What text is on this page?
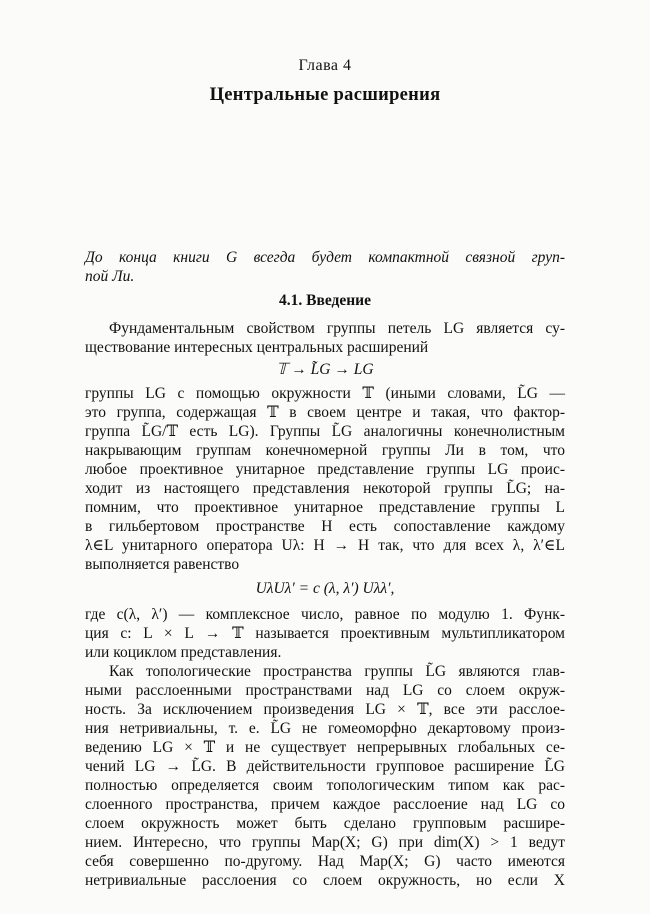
Глава 4
Центральные расширения
До конца книги G всегда будет компактной связной груп-
пой Ли.
4.1. Введение
Фундаментальным свойством группы петель LG является су-
ществование интересных центральных расширений
𝕋 → L̃G → LG
группы LG с помощью окружности 𝕋 (иными словами, L̃G —
это группа, содержащая 𝕋 в своем центре и такая, что фактор-
группа L̃G/𝕋 есть LG). Группы L̃G аналогичны конечнолистным
накрывающим группам конечномерной группы Ли в том, что
любое проективное унитарное представление группы LG проис-
ходит из настоящего представления некоторой группы L̃G; на-
помним, что проективное унитарное представление группы L
в гильбертовом пространстве H есть сопоставление каждому
λ∈L унитарного оператора Uλ: H → H так, что для всех λ, λ′∈L
выполняется равенство
UλUλ′ = c (λ, λ′) Uλλ′,
где c(λ, λ′) — комплексное число, равное по модулю 1. Функ-
ция c: L × L → 𝕋 называется проективным мультипликатором
или коциклом представления.
Как топологические пространства группы L̃G являются глав-
ными расслоенными пространствами над LG со слоем окруж-
ность. За исключением произведения LG × 𝕋, все эти расслое-
ния нетривиальны, т. е. L̃G не гомеоморфно декартовому произ-
ведению LG × 𝕋 и не существует непрерывных глобальных се-
чений LG → L̃G. В действительности групповое расширение L̃G
полностью определяется своим топологическим типом как рас-
слоенного пространства, причем каждое расслоение над LG со
слоем окружность может быть сделано групповым расшире-
нием. Интересно, что группы Map(X; G) при dim(X) > 1 ведут
себя совершенно по-другому. Над Map(X; G) часто имеются
нетривиальные расслоения со слоем окружность, но если X
